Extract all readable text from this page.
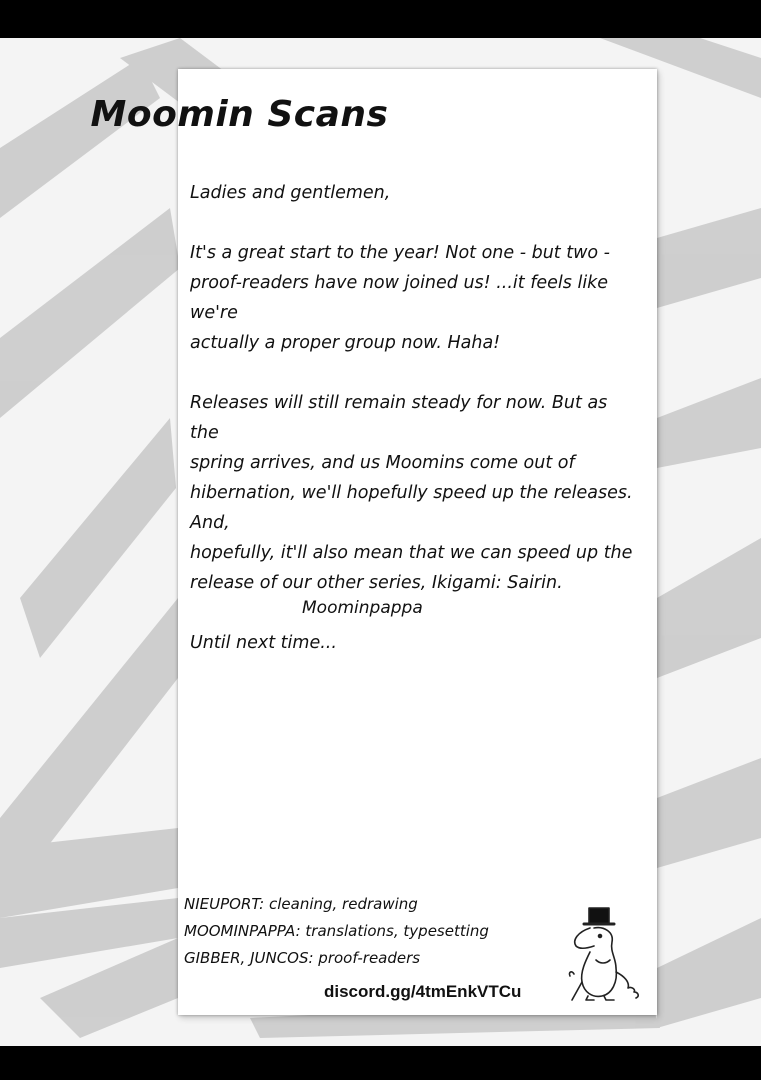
Moomin Scans

Ladies and gentlemen,

It's a great start to the year! Not one - but two -

proof-readers have now joined us! ...it feels like we're

actually a proper group now. Haha!

Releases will still remain steady for now. But as the

spring arrives, and us Moomins come out of

hibernation, we'll hopefully speed up the releases. And,

hopefully, it'll also mean that we can speed up the

release of our other series, Ikigami: Sairin.

Until next time...

Moominpappa

NIEUPORT: cleaning, redrawing
MOOMINPAPPA: translations, typesetting
GIBBER, JUNCOS: proof-readers
discord.gg/4tmEnkVTCu
